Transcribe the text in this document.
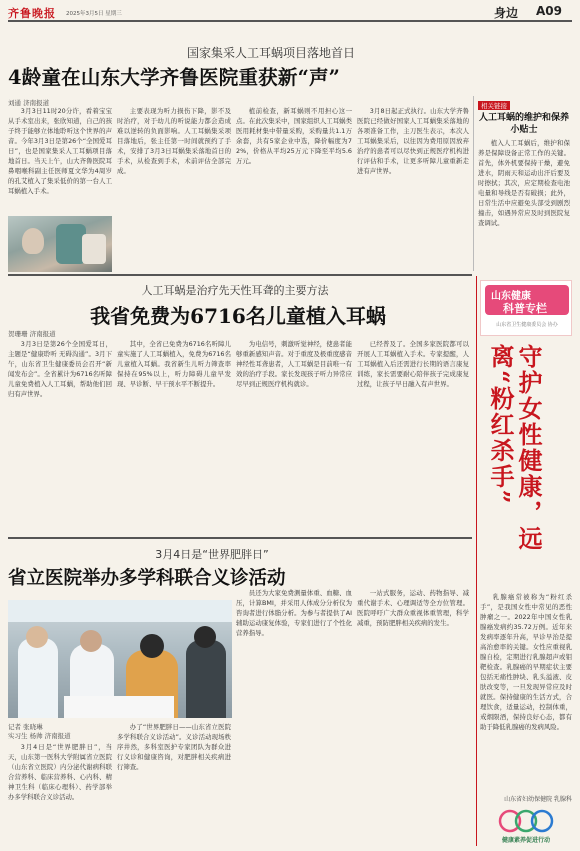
齐鲁晚报 2025年3月5日 星期三	身边 A09
国家集采人工耳蜗项目落地首日
4龄童在山东大学齐鲁医院重获新“声”
刘通 济南报道

3月3日11时20分许，看着宝宝从手术室出来，张欣知道，自己的孩子终于能够立体地聆听这个世界的声音。今年3月3日是第26个“全国爱耳日”，也是国家集采人工耳蜗项目落地首日。当天上午，山大齐鲁医院耳鼻咽喉科副主任医师夏文华为4周岁的孔艾植入了集采低价的第一台人工耳蜗植入手术。

主要表现为听力损伤下降，影不及时治疗，对于幼儿的听说能力都会造成难以逆转的负面影响。人工耳蜗集采项目落地后，张主任第一时间就预约了手术，安排了3月3日耳蜗集采落地首日的手术，从检查到手术，术前评估全部完成。

植前检查，新耳蜗则不用担心这一点。在此次集采中，国家组织人工耳蜗类医用耗材集中带量采购，采购量共1.1万余套，共有5家企业中选，降价幅度为72%，价格从平均25万元下降至平均5.6万元。

3月8日起正式执行。山东大学齐鲁医院已经做好国家人工耳蜗集采落地的各项准备工作，主刀医生表示，本次人工耳蜗集采后，以往因为费用原因放弃治疗的患者可以尽快到正规医疗机构进行评估和手术，让更多听障儿童重新走进有声世界。

相关链接
人工耳蜗的维护和保养小贴士

植入人工耳蜗后，维护和保养是保障设备正常工作的关键。首先，体外机要保持干燥，避免进水，阴雨天和运动出汗后要及时擦拭；其次，应定期检查电池电量和导线是否有破损；此外，日常生活中应避免头部受到剧烈撞击，如遇异常应及时到医院复查调试。

人工耳蜗是治疗先天性耳聋的主要方法
我省免费为6716名儿童植入耳蜗
贺珊珊 济南报道

3月3日是第26个全国爱耳日，主题是“健康聆听 无碍沟通”。3月下午，山东省卫生健康委员会召开“新闻发布会”。全省累计为6716名听障儿童免费植入人工耳蜗，帮助他们回归有声世界。

其中，全省已免费为6716名听障儿童实施了人工耳蜗植入，免费为6716名儿童植入耳蜗。我省新生儿听力筛查率保持在95%以上，听力障碍儿童早发现、早诊断、早干预水平不断提升。

为电信号，刺激听觉神经，使患者能够重新感知声音。对于重度及极重度感音神经性耳聋患者，人工耳蜗是目前唯一有效的治疗手段。家长发现孩子听力异常应尽早到正规医疗机构就诊。

已经普及了。全国多家医院都可以开展人工耳蜗植入手术。专家提醒，人工耳蜗植入后还需进行长期的语言康复训练，家长需要耐心陪伴孩子完成康复过程，让孩子早日融入有声世界。

3月4日是“世界肥胖日”
省立医院举办多学科联合义诊活动

员还为大家免费测量体重、血糖、血压，计算BMI，并采用人体成分分析仪为咨询者进行体脂分析。为参与者提供了AI辅助运动康复体验，专家们进行了个性化营养指导。

一站式服务，运动、药物指导、减重代谢手术、心理调适等全方位管理。医院呼吁广大群众重视体重管理，科学减重，预防肥胖相关疾病的发生。

记者 张晓琳
实习生 杨帅 济南报道

3月4日是“世界肥胖日”，当天，山东第一医科大学附属省立医院（山东省立医院）内分泌代谢病科联合营养科、临床营养科、心内科、精神卫生科（临床心理科）、药学部举办多学科联合义诊活动。

办了“世界肥胖日——山东省立医院多学科联合义诊活动”。义诊活动现场秩序井然，多科室医护专家团队为群众进行义诊和健康咨询，对肥胖相关疾病进行筛查。

山东健康
科普专栏
山东省卫生健康委员会 协办
守护女性健康，远离“粉红杀手”

乳腺癌常被称为“粉红杀手”，是我国女性中常见的恶性肿瘤之一。2022年中国女性乳腺癌发病约35.72万例。近年来发病率逐年升高，早诊早治是提高治愈率的关键。女性应重视乳腺自检，定期进行乳腺超声或钼靶检查。乳腺癌的早期症状主要包括无痛性肿块、乳头溢液、皮肤改变等，一旦发现异常应及时就医。保持健康的生活方式，合理饮食，适量运动，控制体重，戒烟限酒，保持良好心态，都有助于降低乳腺癌的发病风险。

山东省妇幼保健院 乳腺科
健康素养促进行动
